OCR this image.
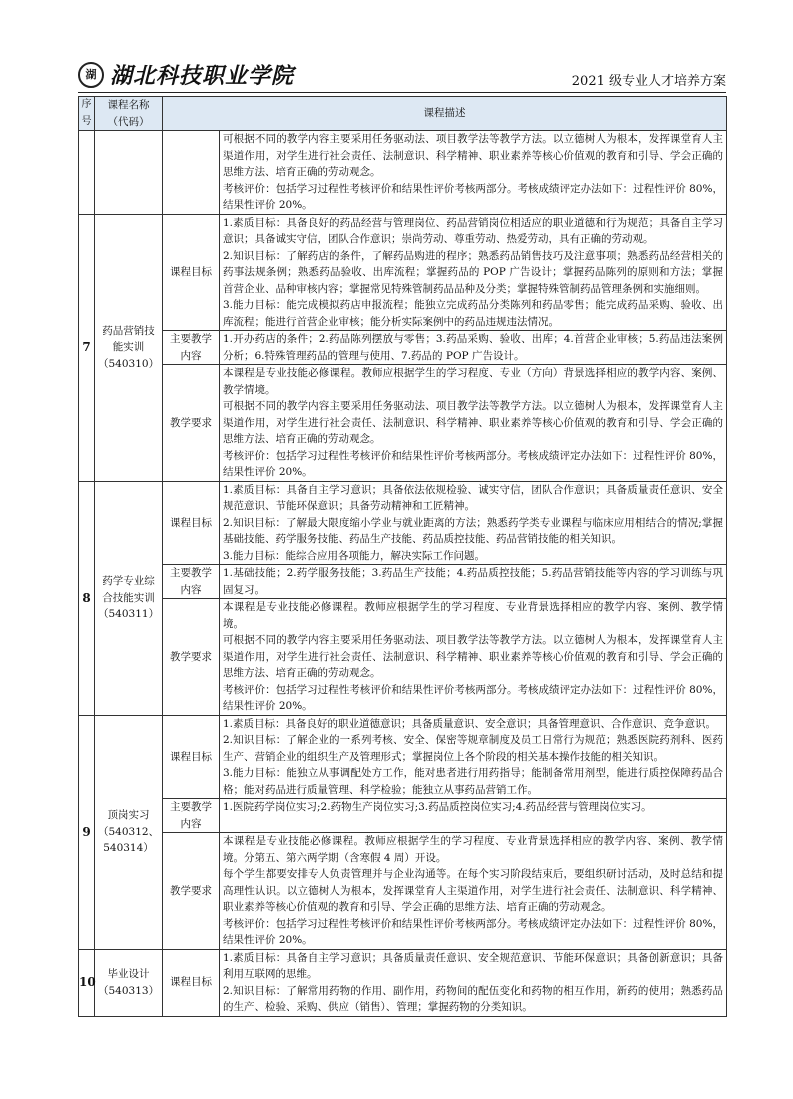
湖 湖北科技职业学院	2021 级专业人才培养方案
序号	课程名称（代码）	课程描述	

			可根据不同的教学内容主要采用任务驱动法、项目教学法等教学方法。以立德树人为根本，发挥课堂育人主渠道作用，对学生进行社会责任、法制意识、科学精神、职业素养等核心价值观的教育和引导、学会正确的思维方法、培育正确的劳动观念。
考核评价：包括学习过程性考核评价和结果性评价考核两部分。考核成绩评定办法如下：过程性评价 80%，结果性评价 20%。

7	药品营销技能实训（540310）	课程目标	1.素质目标：具备良好的药品经营与管理岗位、药品营销岗位相适应的职业道德和行为规范；具备自主学习意识；具备诚实守信，团队合作意识；崇尚劳动、尊重劳动、热爱劳动，具有正确的劳动观。
2.知识目标：了解药店的条件，了解药品购进的程序；熟悉药品销售技巧及注意事项；熟悉药品经营相关的药事法规条例；熟悉药品验收、出库流程；掌握药品的 POP 广告设计；掌握药品陈列的原则和方法；掌握首营企业、品种审核内容；掌握常见特殊管制药品品种及分类；掌握特殊管制药品管理条例和实施细则。
3.能力目标：能完成模拟药店申报流程；能独立完成药品分类陈列和药品零售；能完成药品采购、验收、出库流程；能进行首营企业审核；能分析实际案例中的药品违规违法情况。

		主要教学内容	1.开办药店的条件；2.药品陈列摆放与零售；3.药品采购、验收、出库；4.首营企业审核；5.药品违法案例分析；6.特殊管理药品的管理与使用、7.药品的 POP 广告设计。

		教学要求	本课程是专业技能必修课程。教师应根据学生的学习程度、专业（方向）背景选择相应的教学内容、案例、教学情境。
可根据不同的教学内容主要采用任务驱动法、项目教学法等教学方法。以立德树人为根本，发挥课堂育人主渠道作用，对学生进行社会责任、法制意识、科学精神、职业素养等核心价值观的教育和引导、学会正确的思维方法、培育正确的劳动观念。
考核评价：包括学习过程性考核评价和结果性评价考核两部分。考核成绩评定办法如下：过程性评价 80%，结果性评价 20%。

8	药学专业综合技能实训（540311）	课程目标	1.素质目标：具备自主学习意识；具备依法依规检验、诚实守信，团队合作意识；具备质量责任意识、安全规范意识、节能环保意识；具备劳动精神和工匠精神。
2.知识目标：了解最大限度缩小学业与就业距离的方法；熟悉药学类专业课程与临床应用相结合的情况;掌握基础技能、药学服务技能、药品生产技能、药品质控技能、药品营销技能的相关知识。
3.能力目标：能综合应用各项能力，解决实际工作问题。

		主要教学内容	1.基础技能；2.药学服务技能；3.药品生产技能；4.药品质控技能；5.药品营销技能等内容的学习训练与巩固复习。

		教学要求	本课程是专业技能必修课程。教师应根据学生的学习程度、专业背景选择相应的教学内容、案例、教学情境。
可根据不同的教学内容主要采用任务驱动法、项目教学法等教学方法。以立德树人为根本，发挥课堂育人主渠道作用，对学生进行社会责任、法制意识、科学精神、职业素养等核心价值观的教育和引导、学会正确的思维方法、培育正确的劳动观念。
考核评价：包括学习过程性考核评价和结果性评价考核两部分。考核成绩评定办法如下：过程性评价 80%，结果性评价 20%。

9	顶岗实习（540312、540314）	课程目标	1.素质目标：具备良好的职业道德意识；具备质量意识、安全意识；具备管理意识、合作意识、竞争意识。
2.知识目标：了解企业的一系列考核、安全、保密等规章制度及员工日常行为规范；熟悉医院药剂科、医药生产、营销企业的组织生产及管理形式；掌握岗位上各个阶段的相关基本操作技能的相关知识。
3.能力目标：能独立从事调配处方工作，能对患者进行用药指导；能制备常用剂型，能进行质控保障药品合格；能对药品进行质量管理、科学检验；能独立从事药品营销工作。

		主要教学内容	1.医院药学岗位实习;2.药物生产岗位实习;3.药品质控岗位实习;4.药品经营与管理岗位实习。

		教学要求	本课程是专业技能必修课程。教师应根据学生的学习程度、专业背景选择相应的教学内容、案例、教学情境。分第五、第六两学期（含寒假 4 周）开设。
每个学生都要安排专人负责管理并与企业沟通等。在每个实习阶段结束后，要组织研讨活动，及时总结和提高理性认识。以立德树人为根本，发挥课堂育人主渠道作用，对学生进行社会责任、法制意识、科学精神、职业素养等核心价值观的教育和引导、学会正确的思维方法、培育正确的劳动观念。
考核评价：包括学习过程性考核评价和结果性评价考核两部分。考核成绩评定办法如下：过程性评价 80%，结果性评价 20%。

10	毕业设计（540313）	课程目标	1.素质目标：具备自主学习意识；具备质量责任意识、安全规范意识、节能环保意识；具备创新意识；具备利用互联网的思维。
2.知识目标：了解常用药物的作用、副作用，药物间的配伍变化和药物的相互作用，新药的使用；熟悉药品的生产、检验、采购、供应（销售）、管理；掌握药物的分类知识。
